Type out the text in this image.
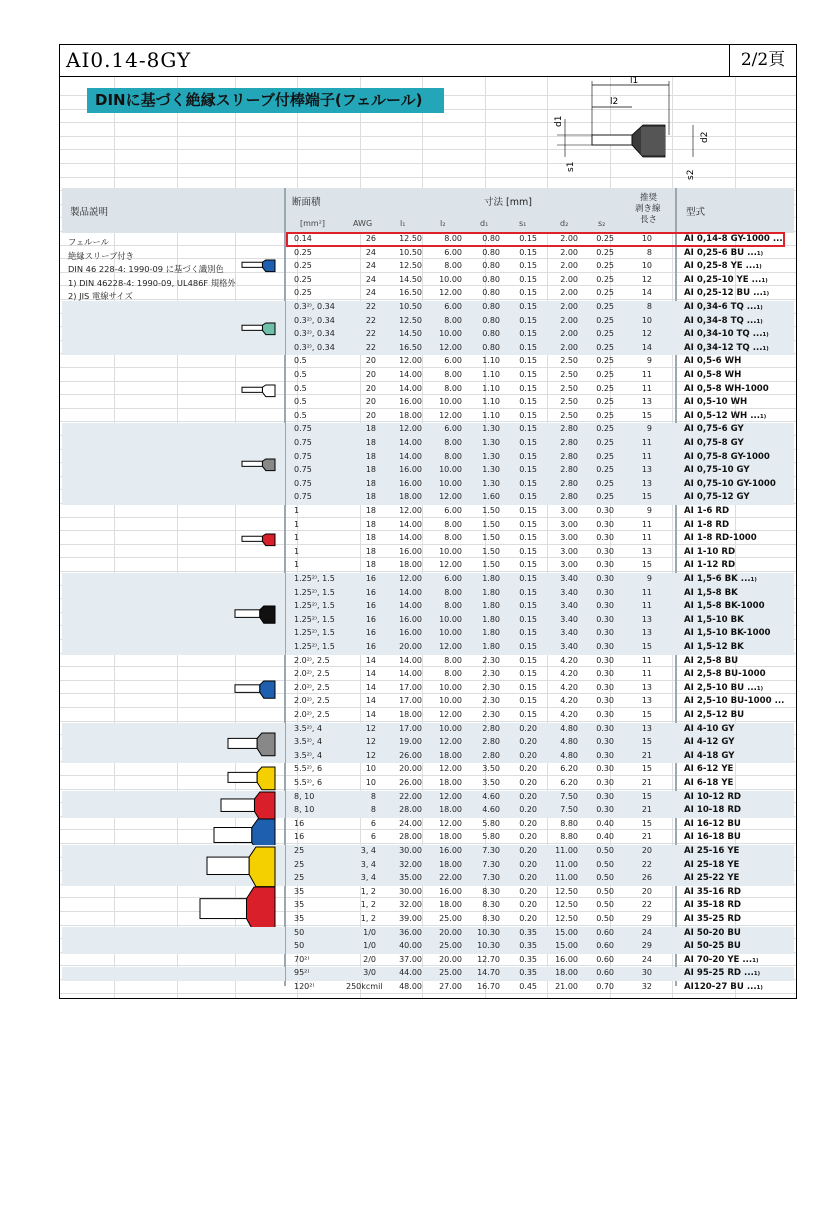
AI0.14-8GY	2/2頁
DINに基づく絶縁スリーブ付棒端子(フェルール)
l1
l2
d1
s1
d2
s2
製品説明
断面積	寸法 [mm]	推奨
剥き線
長さ
型式
[mm²]	AWG	l₁	l₂	d₁	s₁	d₂	s₂
フェルール
絶縁スリーブ付き
DIN 46 228-4: 1990-09 に基づく識別色
1) DIN 46228-4: 1990-09, UL486F 規格外
2) JIS 電線サイズ
0.14	26	12.50	8.00	0.80	0.15	2.00	0.25	10	AI 0,14-8 GY-1000 ...
0.25	24	10.50	6.00	0.80	0.15	2.00	0.25	8	AI 0,25-6 BU ...₁₎
0.25	24	12.50	8.00	0.80	0.15	2.00	0.25	10	AI 0,25-8 YE ...₁₎
0.25	24	14.50	10.00	0.80	0.15	2.00	0.25	12	AI 0,25-10 YE ...₁₎
0.25	24	16.50	12.00	0.80	0.15	2.00	0.25	14	AI 0,25-12 BU ...₁₎
0.3²⁾, 0.34	22	10.50	6.00	0.80	0.15	2.00	0.25	8	AI 0,34-6 TQ ...₁₎
0.3²⁾, 0.34	22	12.50	8.00	0.80	0.15	2.00	0.25	10	AI 0,34-8 TQ ...₁₎
0.3²⁾, 0.34	22	14.50	10.00	0.80	0.15	2.00	0.25	12	AI 0,34-10 TQ ...₁₎
0.3²⁾, 0.34	22	16.50	12.00	0.80	0.15	2.00	0.25	14	AI 0,34-12 TQ ...₁₎
0.5	20	12.00	6.00	1.10	0.15	2.50	0.25	9	AI 0,5-6 WH
0.5	20	14.00	8.00	1.10	0.15	2.50	0.25	11	AI 0,5-8 WH
0.5	20	14.00	8.00	1.10	0.15	2.50	0.25	11	AI 0,5-8 WH-1000
0.5	20	16.00	10.00	1.10	0.15	2.50	0.25	13	AI 0,5-10 WH
0.5	20	18.00	12.00	1.10	0.15	2.50	0.25	15	AI 0,5-12 WH ...₁₎
0.75	18	12.00	6.00	1.30	0.15	2.80	0.25	9	AI 0,75-6 GY
0.75	18	14.00	8.00	1.30	0.15	2.80	0.25	11	AI 0,75-8 GY
0.75	18	14.00	8.00	1.30	0.15	2.80	0.25	11	AI 0,75-8 GY-1000
0.75	18	16.00	10.00	1.30	0.15	2.80	0.25	13	AI 0,75-10 GY
0.75	18	16.00	10.00	1.30	0.15	2.80	0.25	13	AI 0,75-10 GY-1000
0.75	18	18.00	12.00	1.60	0.15	2.80	0.25	15	AI 0,75-12 GY
1	18	12.00	6.00	1.50	0.15	3.00	0.30	9	AI 1-6 RD
1	18	14.00	8.00	1.50	0.15	3.00	0.30	11	AI 1-8 RD
1	18	14.00	8.00	1.50	0.15	3.00	0.30	11	AI 1-8 RD-1000
1	18	16.00	10.00	1.50	0.15	3.00	0.30	13	AI 1-10 RD
1	18	18.00	12.00	1.50	0.15	3.00	0.30	15	AI 1-12 RD
1.25²⁾, 1.5	16	12.00	6.00	1.80	0.15	3.40	0.30	9	AI 1,5-6 BK ...₁₎
1.25²⁾, 1.5	16	14.00	8.00	1.80	0.15	3.40	0.30	11	AI 1,5-8 BK
1.25²⁾, 1.5	16	14.00	8.00	1.80	0.15	3.40	0.30	11	AI 1,5-8 BK-1000
1.25²⁾, 1.5	16	16.00	10.00	1.80	0.15	3.40	0.30	13	AI 1,5-10 BK
1.25²⁾, 1.5	16	16.00	10.00	1.80	0.15	3.40	0.30	13	AI 1,5-10 BK-1000
1.25²⁾, 1.5	16	20.00	12.00	1.80	0.15	3.40	0.30	15	AI 1,5-12 BK
2.0²⁾, 2.5	14	14.00	8.00	2.30	0.15	4.20	0.30	11	AI 2,5-8 BU
2.0²⁾, 2.5	14	14.00	8.00	2.30	0.15	4.20	0.30	11	AI 2,5-8 BU-1000
2.0²⁾, 2.5	14	17.00	10.00	2.30	0.15	4.20	0.30	13	AI 2,5-10 BU ...₁₎
2.0²⁾, 2.5	14	17.00	10.00	2.30	0.15	4.20	0.30	13	AI 2,5-10 BU-1000 ...
2.0²⁾, 2.5	14	18.00	12.00	2.30	0.15	4.20	0.30	15	AI 2,5-12 BU
3.5²⁾, 4	12	17.00	10.00	2.80	0.20	4.80	0.30	13	AI 4-10 GY
3.5²⁾, 4	12	19.00	12.00	2.80	0.20	4.80	0.30	15	AI 4-12 GY
3.5²⁾, 4	12	26.00	18.00	2.80	0.20	4.80	0.30	21	AI 4-18 GY
5.5²⁾, 6	10	20.00	12.00	3.50	0.20	6.20	0.30	15	AI 6-12 YE
5.5²⁾, 6	10	26.00	18.00	3.50	0.20	6.20	0.30	21	AI 6-18 YE
8, 10	8	22.00	12.00	4.60	0.20	7.50	0.30	15	AI 10-12 RD
8, 10	8	28.00	18.00	4.60	0.20	7.50	0.30	21	AI 10-18 RD
16	6	24.00	12.00	5.80	0.20	8.80	0.40	15	AI 16-12 BU
16	6	28.00	18.00	5.80	0.20	8.80	0.40	21	AI 16-18 BU
25	3, 4	30.00	16.00	7.30	0.20	11.00	0.50	20	AI 25-16 YE
25	3, 4	32.00	18.00	7.30	0.20	11.00	0.50	22	AI 25-18 YE
25	3, 4	35.00	22.00	7.30	0.20	11.00	0.50	26	AI 25-22 YE
35	1, 2	30.00	16.00	8.30	0.20	12.50	0.50	20	AI 35-16 RD
35	1, 2	32.00	18.00	8.30	0.20	12.50	0.50	22	AI 35-18 RD
35	1, 2	39.00	25.00	8.30	0.20	12.50	0.50	29	AI 35-25 RD
50	1/0	36.00	20.00	10.30	0.35	15.00	0.60	24	AI 50-20 BU
50	1/0	40.00	25.00	10.30	0.35	15.00	0.60	29	AI 50-25 BU
70²⁾	2/0	37.00	20.00	12.70	0.35	16.00	0.60	24	AI 70-20 YE ...₁₎
95²⁾	3/0	44.00	25.00	14.70	0.35	18.00	0.60	30	AI 95-25 RD ...₁₎
120²⁾	250kcmil	48.00	27.00	16.70	0.45	21.00	0.70	32	AI120-27 BU ...₁₎
